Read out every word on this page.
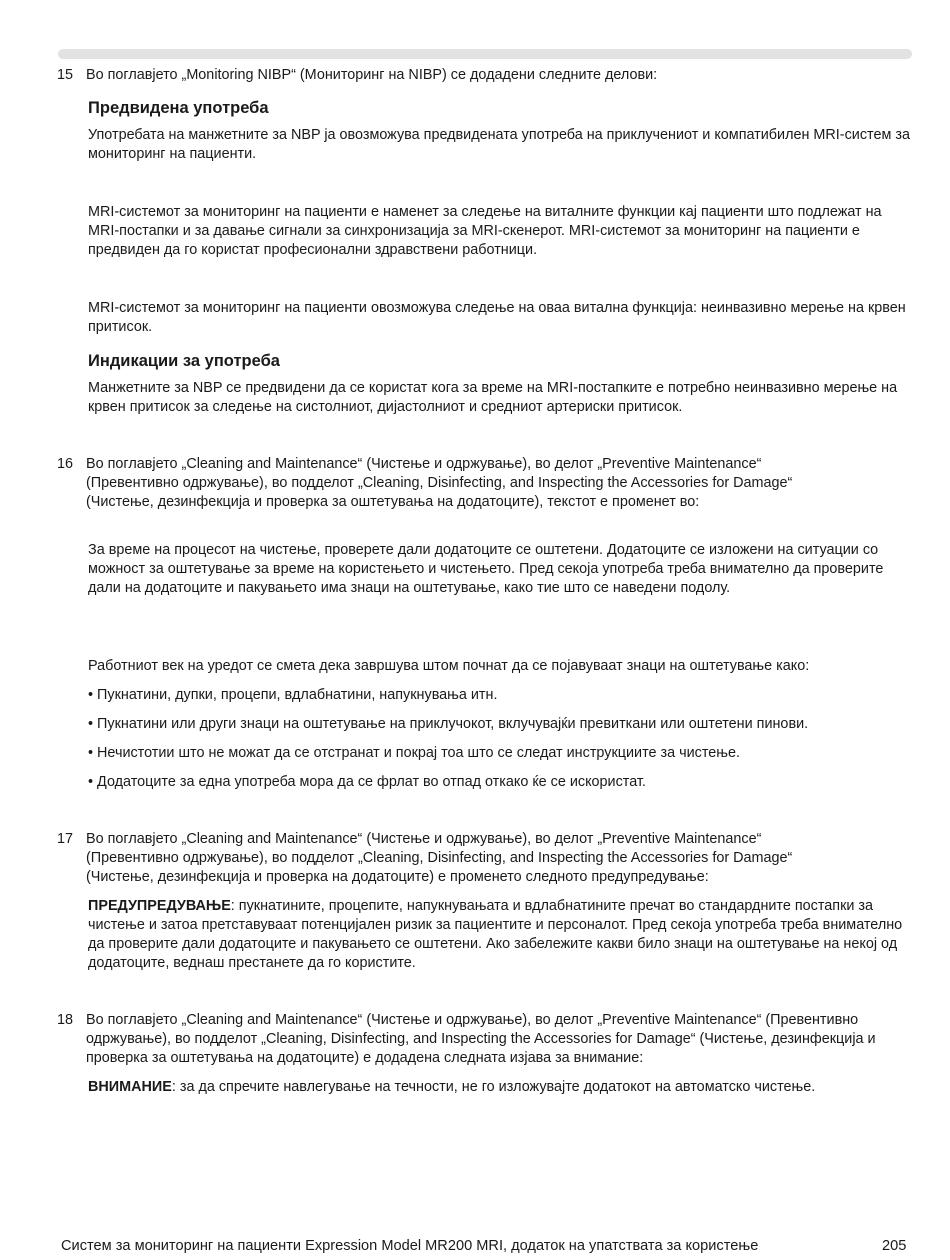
15 Во поглавјето „Monitoring NIBP“ (Мониторинг на NIBP) се додадени следните делови:

Предвидена употреба

Употребата на манжетните за NBP ја овозможува предвидената употреба на приклучениот и компатибилен MRI-систем за мониторинг на пациенти.

MRI-системот за мониторинг на пациенти е наменет за следење на виталните функции кај пациенти што подлежат на MRI-постапки и за давање сигнали за синхронизација за MRI-скенерот. MRI-системот за мониторинг на пациенти е предвиден да го користат професионални здравствени работници.

MRI-системот за мониторинг на пациенти овозможува следење на оваа витална функција: неинвазивно мерење на крвен притисок.

Индикации за употреба

Манжетните за NBP се предвидени да се користат кога за време на MRI-постапките е потребно неинвазивно мерење на крвен притисок за следење на систолниот, дијастолниот и средниот артериски притисок.

16 Во поглавјето „Cleaning and Maintenance“ (Чистење и одржување), во делот „Preventive Maintenance“ (Превентивно одржување), во подделот „Cleaning, Disinfecting, and Inspecting the Accessories for Damage“ (Чистење, дезинфекција и проверка за оштетувања на додатоците), текстот е променет во:

За време на процесот на чистење, проверете дали додатоците се оштетени. Додатоците се изложени на ситуации со можност за оштетување за време на користењето и чистењето. Пред секоја употреба треба внимателно да проверите дали на додатоците и пакувањето има знаци на оштетување, како тие што се наведени подолу.

Работниот век на уредот се смета дека завршува штом почнат да се појавуваат знаци на оштетување како:

• Пукнатини, дупки, процепи, вдлабнатини, напукнувања итн.

• Пукнатини или други знаци на оштетување на приклучокот, вклучувајќи превиткани или оштетени пинови.

• Нечистотии што не можат да се отстранат и покрај тоа што се следат инструкциите за чистење.

• Додатоците за една употреба мора да се фрлат во отпад откако ќе се искористат.

17 Во поглавјето „Cleaning and Maintenance“ (Чистење и одржување), во делот „Preventive Maintenance“ (Превентивно одржување), во подделот „Cleaning, Disinfecting, and Inspecting the Accessories for Damage“ (Чистење, дезинфекција и проверка на додатоците) е променето следното предупредување:

ПРЕДУПРЕДУВАЊЕ: пукнатините, процепите, напукнувањата и вдлабнатините пречат во стандардните постапки за чистење и затоа претставуваат потенцијален ризик за пациентите и персоналот. Пред секоја употреба треба внимателно да проверите дали додатоците и пакувањето се оштетени. Ако забележите какви било знаци на оштетување на некој од додатоците, веднаш престанете да го користите.

18 Во поглавјето „Cleaning and Maintenance“ (Чистење и одржување), во делот „Preventive Maintenance“ (Превентивно одржување), во подделот „Cleaning, Disinfecting, and Inspecting the Accessories for Damage“ (Чистење, дезинфекција и проверка за оштетувања на додатоците) е додадена следната изјава за внимание:

ВНИМАНИЕ: за да спречите навлегување на течности, не го изложувајте додатокот на автоматско чистење.

Систем за мониторинг на пациенти Expression Model MR200 MRI, додаток на упатствата за користење	205
